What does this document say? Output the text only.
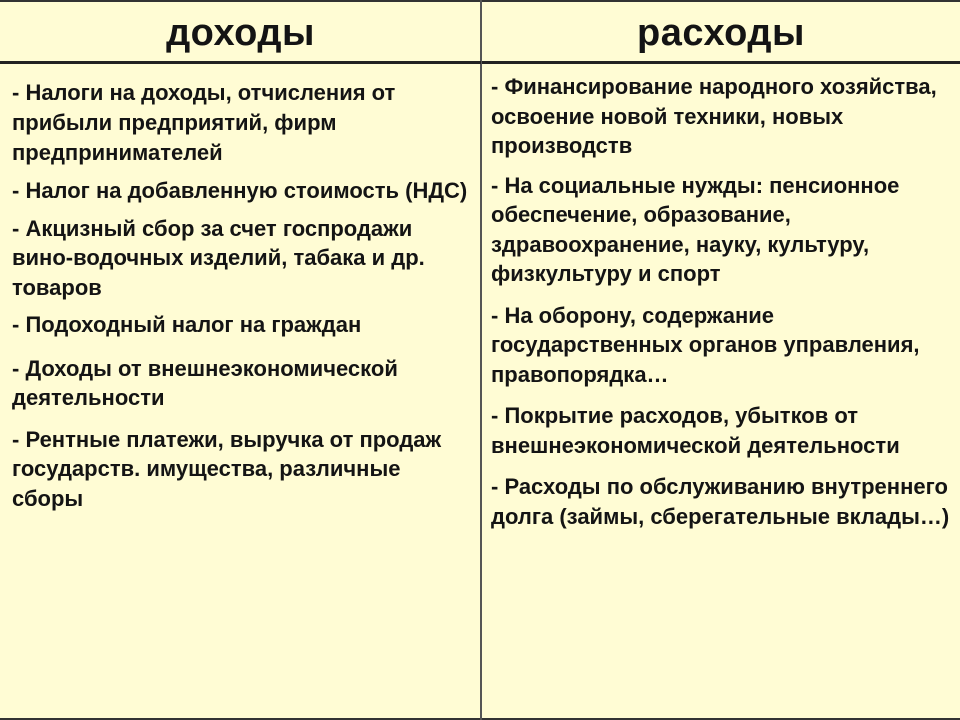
доходы	расходы

- Налоги на доходы, отчисления от прибыли предприятий, фирм предпринимателей

- Налог на добавленную стоимость (НДС)

- Акцизный сбор за счет госпродажи вино-водочных изделий, табака и др. товаров

- Подоходный налог на граждан

- Доходы от внешнеэкономической деятельности

- Рентные платежи, выручка от продаж государств. имущества, различные сборы

- Финансирование народного хозяйства, освоение новой техники, новых производств

- На социальные нужды: пенсионное обеспечение, образование, здравоохранение, науку, культуру, физкультуру и спорт

- На оборону, содержание государственных органов управления, правопорядка…

- Покрытие расходов, убытков от внешнеэкономической деятельности

- Расходы по обслуживанию внутреннего долга (займы, сберегательные вклады…)
